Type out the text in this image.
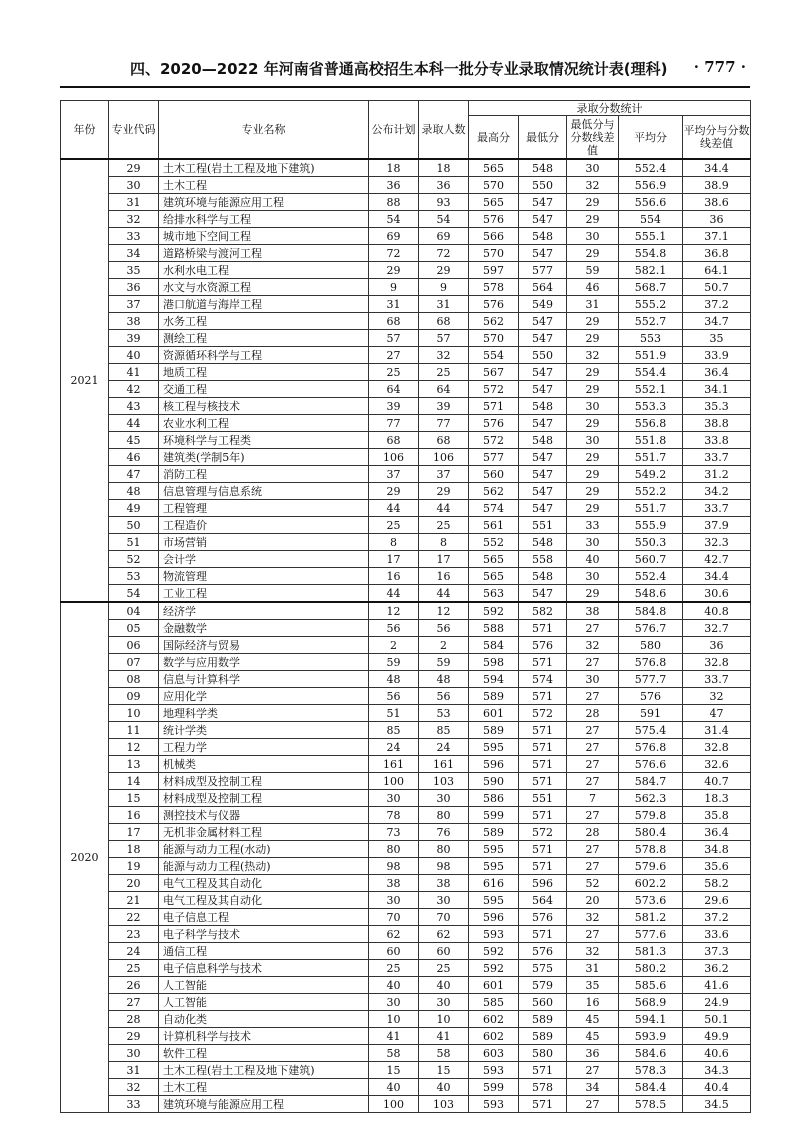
四、2020—2022 年河南省普通高校招生本科一批分专业录取情况统计表(理科) · 777 ·
年份	专业代码	专业名称	公布计划	录取人数	录取分数统计				
					最高分	最低分	最低分与分数线差值	平均分	平均分与分数线差值
2021	29	土木工程(岩土工程及地下建筑)	18	18	565	548	30	552.4	34.4
	30	土木工程	36	36	570	550	32	556.9	38.9
	31	建筑环境与能源应用工程	88	93	565	547	29	556.6	38.6
	32	给排水科学与工程	54	54	576	547	29	554	36
	33	城市地下空间工程	69	69	566	548	30	555.1	37.1
	34	道路桥梁与渡河工程	72	72	570	547	29	554.8	36.8
	35	水利水电工程	29	29	597	577	59	582.1	64.1
	36	水文与水资源工程	9	9	578	564	46	568.7	50.7
	37	港口航道与海岸工程	31	31	576	549	31	555.2	37.2
	38	水务工程	68	68	562	547	29	552.7	34.7
	39	测绘工程	57	57	570	547	29	553	35
	40	资源循环科学与工程	27	32	554	550	32	551.9	33.9
	41	地质工程	25	25	567	547	29	554.4	36.4
	42	交通工程	64	64	572	547	29	552.1	34.1
	43	核工程与核技术	39	39	571	548	30	553.3	35.3
	44	农业水利工程	77	77	576	547	29	556.8	38.8
	45	环境科学与工程类	68	68	572	548	30	551.8	33.8
	46	建筑类(学制5年)	106	106	577	547	29	551.7	33.7
	47	消防工程	37	37	560	547	29	549.2	31.2
	48	信息管理与信息系统	29	29	562	547	29	552.2	34.2
	49	工程管理	44	44	574	547	29	551.7	33.7
	50	工程造价	25	25	561	551	33	555.9	37.9
	51	市场营销	8	8	552	548	30	550.3	32.3
	52	会计学	17	17	565	558	40	560.7	42.7
	53	物流管理	16	16	565	548	30	552.4	34.4
	54	工业工程	44	44	563	547	29	548.6	30.6
2020	04	经济学	12	12	592	582	38	584.8	40.8
	05	金融数学	56	56	588	571	27	576.7	32.7
	06	国际经济与贸易	2	2	584	576	32	580	36
	07	数学与应用数学	59	59	598	571	27	576.8	32.8
	08	信息与计算科学	48	48	594	574	30	577.7	33.7
	09	应用化学	56	56	589	571	27	576	32
	10	地理科学类	51	53	601	572	28	591	47
	11	统计学类	85	85	589	571	27	575.4	31.4
	12	工程力学	24	24	595	571	27	576.8	32.8
	13	机械类	161	161	596	571	27	576.6	32.6
	14	材料成型及控制工程	100	103	590	571	27	584.7	40.7
	15	材料成型及控制工程	30	30	586	551	7	562.3	18.3
	16	测控技术与仪器	78	80	599	571	27	579.8	35.8
	17	无机非金属材料工程	73	76	589	572	28	580.4	36.4
	18	能源与动力工程(水动)	80	80	595	571	27	578.8	34.8
	19	能源与动力工程(热动)	98	98	595	571	27	579.6	35.6
	20	电气工程及其自动化	38	38	616	596	52	602.2	58.2
	21	电气工程及其自动化	30	30	595	564	20	573.6	29.6
	22	电子信息工程	70	70	596	576	32	581.2	37.2
	23	电子科学与技术	62	62	593	571	27	577.6	33.6
	24	通信工程	60	60	592	576	32	581.3	37.3
	25	电子信息科学与技术	25	25	592	575	31	580.2	36.2
	26	人工智能	40	40	601	579	35	585.6	41.6
	27	人工智能	30	30	585	560	16	568.9	24.9
	28	自动化类	10	10	602	589	45	594.1	50.1
	29	计算机科学与技术	41	41	602	589	45	593.9	49.9
	30	软件工程	58	58	603	580	36	584.6	40.6
	31	土木工程(岩土工程及地下建筑)	15	15	593	571	27	578.3	34.3
	32	土木工程	40	40	599	578	34	584.4	40.4
	33	建筑环境与能源应用工程	100	103	593	571	27	578.5	34.5
